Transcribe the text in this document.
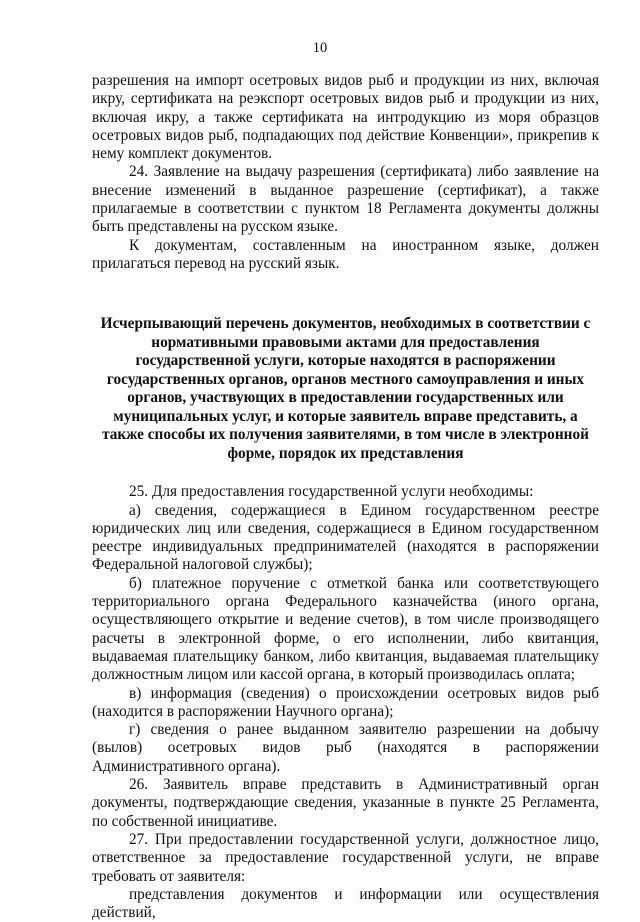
10

разрешения на импорт осетровых видов рыб и продукции из них, включая икру, сертификата на реэкспорт осетровых видов рыб и продукции из них, включая икру, а также сертификата на интродукцию из моря образцов осетровых видов рыб, подпадающих под действие Конвенции», прикрепив к нему комплект документов.

24. Заявление на выдачу разрешения (сертификата) либо заявление на внесение изменений в выданное разрешение (сертификат), а также прилагаемые в соответствии с пунктом 18 Регламента документы должны быть представлены на русском языке.

К документам, составленным на иностранном языке, должен прилагаться перевод на русский язык.

Исчерпывающий перечень документов, необходимых в соответствии с нормативными правовыми актами для предоставления государственной услуги, которые находятся в распоряжении государственных органов, органов местного самоуправления и иных органов, участвующих в предоставлении государственных или муниципальных услуг, и которые заявитель вправе представить, а также способы их получения заявителями, в том числе в электронной форме, порядок их представления

25. Для предоставления государственной услуги необходимы:

а) сведения, содержащиеся в Едином государственном реестре юридических лиц или сведения, содержащиеся в Едином государственном реестре индивидуальных предпринимателей (находятся в распоряжении Федеральной налоговой службы);

б) платежное поручение с отметкой банка или соответствующего территориального органа Федерального казначейства (иного органа, осуществляющего открытие и ведение счетов), в том числе производящего расчеты в электронной форме, о его исполнении, либо квитанция, выдаваемая плательщику банком, либо квитанция, выдаваемая плательщику должностным лицом или кассой органа, в который производилась оплата;

в) информация (сведения) о происхождении осетровых видов рыб (находится в распоряжении Научного органа);

г) сведения о ранее выданном заявителю разрешении на добычу (вылов) осетровых видов рыб (находятся в распоряжении Административного органа).

26. Заявитель вправе представить в Административный орган документы, подтверждающие сведения, указанные в пункте 25 Регламента, по собственной инициативе.

27. При предоставлении государственной услуги, должностное лицо, ответственное за предоставление государственной услуги, не вправе требовать от заявителя:

представления документов и информации или осуществления действий,
